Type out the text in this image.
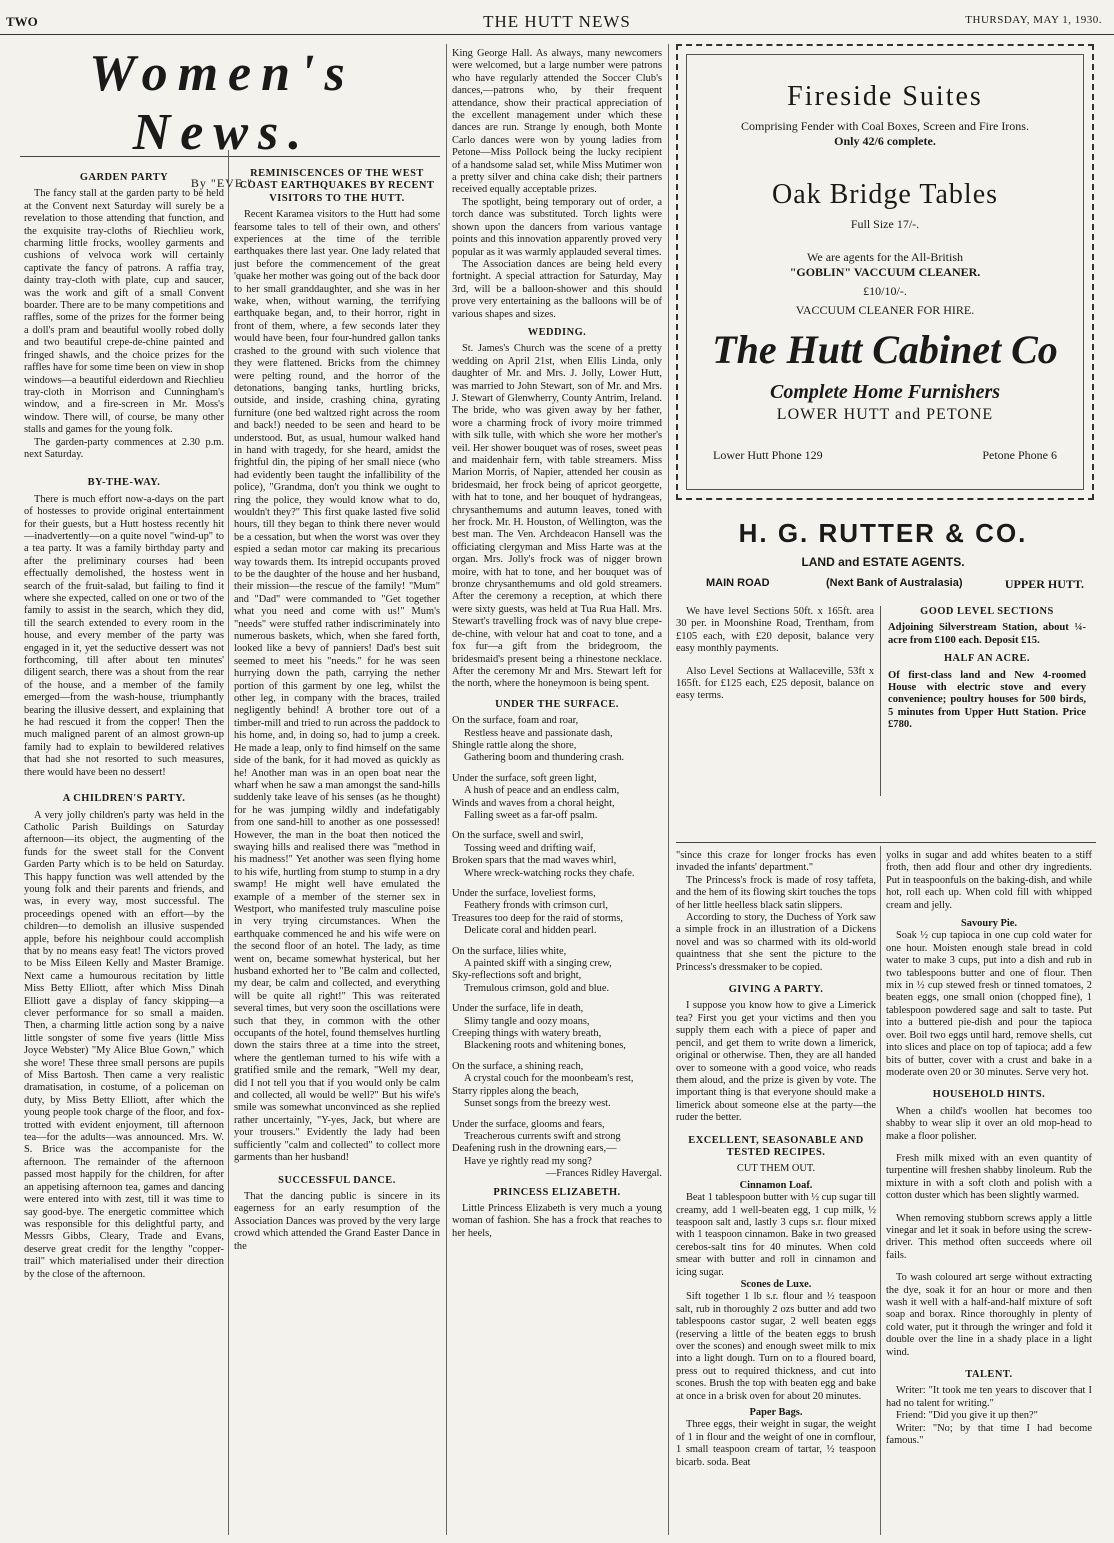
TWO	THE HUTT NEWS	THURSDAY, MAY 1, 1930.
Women's News.
By "EVE."
GARDEN PARTY

The fancy stall at the garden party to be held at the Convent next Saturday will surely be a revelation to those attending that function, and the exquisite tray-cloths of Riechlieu work, charming little frocks, woolley garments and cushions of velvoca work will certainly captivate the fancy of patrons. A raffia tray, dainty tray-cloth with plate, cup and saucer, was the work and gift of a small Convent boarder. There are to be many competitions and raffles, some of the prizes for the former being a doll's pram and beautiful woolly robed dolly and two beautiful crepe-de-chine painted and fringed shawls, and the choice prizes for the raffles have for some time been on view in shop windows—a beautiful eiderdown and Riechlieu tray-cloth in Morrison and Cunningham's window, and a fire-screen in Mr. Moss's window. There will, of course, be many other stalls and games for the young folk.

The garden-party commences at 2.30 p.m. next Saturday.

BY-THE-WAY.

There is much effort now-a-days on the part of hostesses to provide original entertainment for their guests, but a Hutt hostess recently hit—inadvertently—on a quite novel "wind-up" to a tea party. It was a family birthday party and after the preliminary courses had been effectually demolished, the hostess went in search of the fruit-salad, but failing to find it where she expected, called on one or two of the family to assist in the search, which they did, till the search extended to every room in the house, and every member of the party was engaged in it, yet the seductive dessert was not forthcoming, till after about ten minutes' diligent search, there was a shout from the rear of the house, and a member of the family emerged—from the wash-house, triumphantly bearing the illusive dessert, and explaining that he had rescued it from the copper! Then the much maligned parent of an almost grown-up family had to explain to bewildered relatives that had she not resorted to such measures, there would have been no dessert!

A CHILDREN'S PARTY.

A very jolly children's party was held in the Catholic Parish Buildings on Saturday afternoon—its object, the augmenting of the funds for the sweet stall for the Convent Garden Party which is to be held on Saturday. This happy function was well attended by the young folk and their parents and friends, and was, in every way, most successful. The proceedings opened with an effort—by the children—to demolish an illusive suspended apple, before his neighbour could accomplish that by no means easy feat! The victors proved to be Miss Eileen Kelly and Master Bramige. Next came a humourous recitation by little Miss Betty Elliott, after which Miss Dinah Elliott gave a display of fancy skipping—a clever performance for so small a maiden. Then, a charming little action song by a naive little songster of some five years (little Miss Joyce Webster) "My Alice Blue Gown," which she wore! These three small persons are pupils of Miss Bartosh. Then came a very realistic dramatisation, in costume, of a policeman on duty, by Miss Betty Elliott, after which the young people took charge of the floor, and fox-trotted with evident enjoyment, till afternoon tea—for the adults—was announced. Mrs. W. S. Brice was the accompaniste for the afternoon. The remainder of the afternoon passed most happily for the children, for after an appetising afternoon tea, games and dancing were entered into with zest, till it was time to say good-bye. The energetic committee which was responsible for this delightful party, and Messrs Gibbs, Cleary, Trade and Evans, deserve great credit for the lengthy "copper-trail" which materialised under their direction by the close of the afternoon.

REMINISCENCES OF THE WEST COAST EARTHQUAKES BY RECENT VISITORS TO THE HUTT.

Recent Karamea visitors to the Hutt had some fearsome tales to tell of their own, and others' experiences at the time of the terrible earthquakes there last year. One lady related that just before the commencement of the great 'quake her mother was going out of the back door to her small granddaughter, and she was in her wake, when, without warning, the terrifying earthquake began, and, to their horror, right in front of them, where, a few seconds later they would have been, four four-hundred gallon tanks crashed to the ground with such violence that they were flattened. Bricks from the chimney were pelting round, and the horror of the detonations, banging tanks, hurtling bricks, outside, and inside, crashing china, gyrating furniture (one bed waltzed right across the room and back!) needed to be seen and heard to be understood. But, as usual, humour walked hand in hand with tragedy, for she heard, amidst the frightful din, the piping of her small niece (who had evidently been taught the infallibility of the police), "Grandma, don't you think we ought to ring the police, they would know what to do, wouldn't they?" This first quake lasted five solid hours, till they began to think there never would be a cessation, but when the worst was over they espied a sedan motor car making its precarious way towards them. Its intrepid occupants proved to be the daughter of the house and her husband, their mission—the rescue of the family! "Mum" and "Dad" were commanded to "Get together what you need and come with us!" Mum's "needs" were stuffed rather indiscriminately into numerous baskets, which, when she fared forth, looked like a bevy of panniers! Dad's best suit seemed to meet his "needs." for he was seen hurrying down the path, carrying the nether portion of this garment by one leg, whilst the other leg, in company with the braces, trailed negligently behind! A brother tore out of a timber-mill and tried to run across the paddock to his home, and, in doing so, had to jump a creek. He made a leap, only to find himself on the same side of the bank, for it had moved as quickly as he! Another man was in an open boat near the wharf when he saw a man amongst the sand-hills suddenly take leave of his senses (as he thought) for he was jumping wildly and indefatigably from one sand-hill to another as one possessed! However, the man in the boat then noticed the swaying hills and realised there was "method in his madness!" Yet another was seen flying home to his wife, hurtling from stump to stump in a dry swamp! He might well have emulated the example of a member of the sterner sex in Westport, who manifested truly masculine poise in very trying circumstances. When the earthquake commenced he and his wife were on the second floor of an hotel. The lady, as time went on, became somewhat hysterical, but her husband exhorted her to "Be calm and collected, my dear, be calm and collected, and everything will be quite all right!" This was reiterated several times, but very soon the oscillations were such that they, in common with the other occupants of the hotel, found themselves hurtling down the stairs three at a time into the street, where the gentleman turned to his wife with a gratified smile and the remark, "Well my dear, did I not tell you that if you would only be calm and collected, all would be well?" But his wife's smile was somewhat unconvinced as she replied rather uncertainly, "Y-yes, Jack, but where are your trousers." Evidently the lady had been sufficiently "calm and collected" to collect more garments than her husband!

SUCCESSFUL DANCE.

That the dancing public is sincere in its eagerness for an early resumption of the Association Dances was proved by the very large crowd which attended the Grand Easter Dance in the

King George Hall. As always, many newcomers were welcomed, but a large number were patrons who have regularly attended the Soccer Club's dances,—patrons who, by their frequent attendance, show their practical appreciation of the excellent management under which these dances are run. Strange ly enough, both Monte Carlo dances were won by young ladies from Petone—Miss Pollock being the lucky recipient of a handsome salad set, while Miss Mutimer won a pretty silver and china cake dish; their partners received equally acceptable prizes.

The spotlight, being temporary out of order, a torch dance was substituted. Torch lights were shown upon the dancers from various vantage points and this innovation apparently proved very popular as it was warmly applauded several times.

The Association dances are being held every fortnight. A special attraction for Saturday, May 3rd, will be a balloon-shower and this should prove very entertaining as the balloons will be of various shapes and sizes.

WEDDING.

St. James's Church was the scene of a pretty wedding on April 21st, when Ellis Linda, only daughter of Mr. and Mrs. J. Jolly, Lower Hutt, was married to John Stewart, son of Mr. and Mrs. J. Stewart of Glenwherry, County Antrim, Ireland. The bride, who was given away by her father, wore a charming frock of ivory moire trimmed with silk tulle, with which she wore her mother's veil. Her shower bouquet was of roses, sweet peas and maidenhair fern, with table streamers. Miss Marion Morris, of Napier, attended her cousin as bridesmaid, her frock being of apricot georgette, with hat to tone, and her bouquet of hydrangeas, chrysanthemums and autumn leaves, toned with her frock. Mr. H. Houston, of Wellington, was the best man. The Ven. Archdeacon Hansell was the officiating clergyman and Miss Harte was at the organ. Mrs. Jolly's frock was of nigger brown moire, with hat to tone, and her bouquet was of bronze chrysanthemums and old gold streamers. After the ceremony a reception, at which there were sixty guests, was held at Tua Rua Hall. Mrs. Stewart's travelling frock was of navy blue crepe-de-chine, with velour hat and coat to tone, and a fox fur—a gift from the bridegroom, the bridesmaid's present being a rhinestone necklace. After the ceremony Mr and Mrs. Stewart left for the north, where the honeymoon is being spent.

UNDER THE SURFACE.
On the surface, foam and roar,
Restless heave and passionate dash,
Shingle rattle along the shore,
Gathering boom and thundering crash.
Under the surface, soft green light,
A hush of peace and an endless calm,
Winds and waves from a choral height,
Falling sweet as a far-off psalm.
On the surface, swell and swirl,
Tossing weed and drifting waif,
Broken spars that the mad waves whirl,
Where wreck-watching rocks they chafe.
Under the surface, loveliest forms,
Feathery fronds with crimson curl,
Treasures too deep for the raid of storms,
Delicate coral and hidden pearl.
On the surface, lilies white,
A painted skiff with a singing crew,
Sky-reflections soft and bright,
Tremulous crimson, gold and blue.
Under the surface, life in death,
Slimy tangle and oozy moans,
Creeping things with watery breath,
Blackening roots and whitening bones,
On the surface, a shining reach,
A crystal couch for the moonbeam's rest,
Starry ripples along the beach,
Sunset songs from the breezy west.
Under the surface, glooms and fears,
Treacherous currents swift and strong
Deafening rush in the drowning ears,—
Have ye rightly read my song?

—Frances Ridley Havergal.

PRINCESS ELIZABETH.

Little Princess Elizabeth is very much a young woman of fashion. She has a frock that reaches to her heels,

Fireside Suites
Comprising Fender with Coal Boxes, Screen and Fire Irons.
Only 42/6 complete.
Oak Bridge Tables
Full Size 17/-.
We are agents for the All-British
"GOBLIN" VACCUUM CLEANER.
£10/10/-.
VACCUUM CLEANER FOR HIRE.
The Hutt Cabinet Co
Complete Home Furnishers
LOWER HUTT and PETONE
Lower Hutt Phone 129	Petone Phone 6
H. G. RUTTER & CO.
LAND and ESTATE AGENTS.
MAIN ROAD	(Next Bank of Australasia)	UPPER HUTT.

We have level Sections 50ft. x 165ft. area 30 per. in Moonshine Road, Trentham, from £105 each, with £20 deposit, balance very easy monthly payments.

Also Level Sections at Wallaceville, 53ft x 165ft. for £125 each, £25 deposit, balance on easy terms.

GOOD LEVEL SECTIONS

Adjoining Silverstream Station, about ¼-acre from £100 each. Deposit £15.

HALF AN ACRE.

Of first-class land and New 4-roomed House with electric stove and every convenience; poultry houses for 500 birds, 5 minutes from Upper Hutt Station. Price £780.

"since this craze for longer frocks has even invaded the infants' department."

The Princess's frock is made of rosy taffeta, and the hem of its flowing skirt touches the tops of her little heelless black satin slippers.

According to story, the Duchess of York saw a simple frock in an illustration of a Dickens novel and was so charmed with its old-world quaintness that she sent the picture to the Princess's dressmaker to be copied.

GIVING A PARTY.

I suppose you know how to give a Limerick tea? First you get your victims and then you supply them each with a piece of paper and pencil, and get them to write down a limerick, original or otherwise. Then, they are all handed over to someone with a good voice, who reads them aloud, and the prize is given by vote. The important thing is that everyone should make a limerick about someone else at the party—the ruder the better.

EXCELLENT, SEASONABLE AND TESTED RECIPES.
CUT THEM OUT.
Cinnamon Loaf.

Beat 1 tablespoon butter with ½ cup sugar till creamy, add 1 well-beaten egg, 1 cup milk, ½ teaspoon salt and, lastly 3 cups s.r. flour mixed with 1 teaspoon cinnamon. Bake in two greased cerebos-salt tins for 40 minutes. When cold smear with butter and roll in cinnamon and icing sugar.

Scones de Luxe.

Sift together 1 lb s.r. flour and ½ teaspoon salt, rub in thoroughly 2 ozs butter and add two tablespoons castor sugar, 2 well beaten eggs (reserving a little of the beaten eggs to brush over the scones) and enough sweet milk to mix into a light dough. Turn on to a floured board, press out to required thickness, and cut into scones. Brush the top with beaten egg and bake at once in a brisk oven for about 20 minutes.

Paper Bags.

Three eggs, their weight in sugar, the weight of 1 in flour and the weight of one in cornflour, 1 small teaspoon cream of tartar, ½ teaspoon bicarb. soda. Beat

yolks in sugar and add whites beaten to a stiff froth, then add flour and other dry ingredients. Put in teaspoonfuls on the baking-dish, and while hot, roll each up. When cold fill with whipped cream and jelly.

Savoury Pie.

Soak ½ cup tapioca in one cup cold water for one hour. Moisten enough stale bread in cold water to make 3 cups, put into a dish and rub in two tablespoons butter and one of flour. Then mix in ½ cup stewed fresh or tinned tomatoes, 2 beaten eggs, one small onion (chopped fine), 1 tablespoon powdered sage and salt to taste. Put into a buttered pie-dish and pour the tapioca over. Boil two eggs until hard, remove shells, cut into slices and place on top of tapioca; add a few bits of butter, cover with a crust and bake in a moderate oven 20 or 30 minutes. Serve very hot.

HOUSEHOLD HINTS.

When a child's woollen hat becomes too shabby to wear slip it over an old mop-head to make a floor polisher.

Fresh milk mixed with an even quantity of turpentine will freshen shabby linoleum. Rub the mixture in with a soft cloth and polish with a cotton duster which has been slightly warmed.

When removing stubborn screws apply a little vinegar and let it soak in before using the screw-driver. This method often succeeds where oil fails.

To wash coloured art serge without extracting the dye, soak it for an hour or more and then wash it well with a half-and-half mixture of soft soap and borax. Rince thoroughly in plenty of cold water, put it through the wringer and fold it double over the line in a shady place in a light wind.

TALENT.

Writer: "It took me ten years to discover that I had no talent for writing."

Friend: "Did you give it up then?"

Writer: "No; by that time I had become famous."
